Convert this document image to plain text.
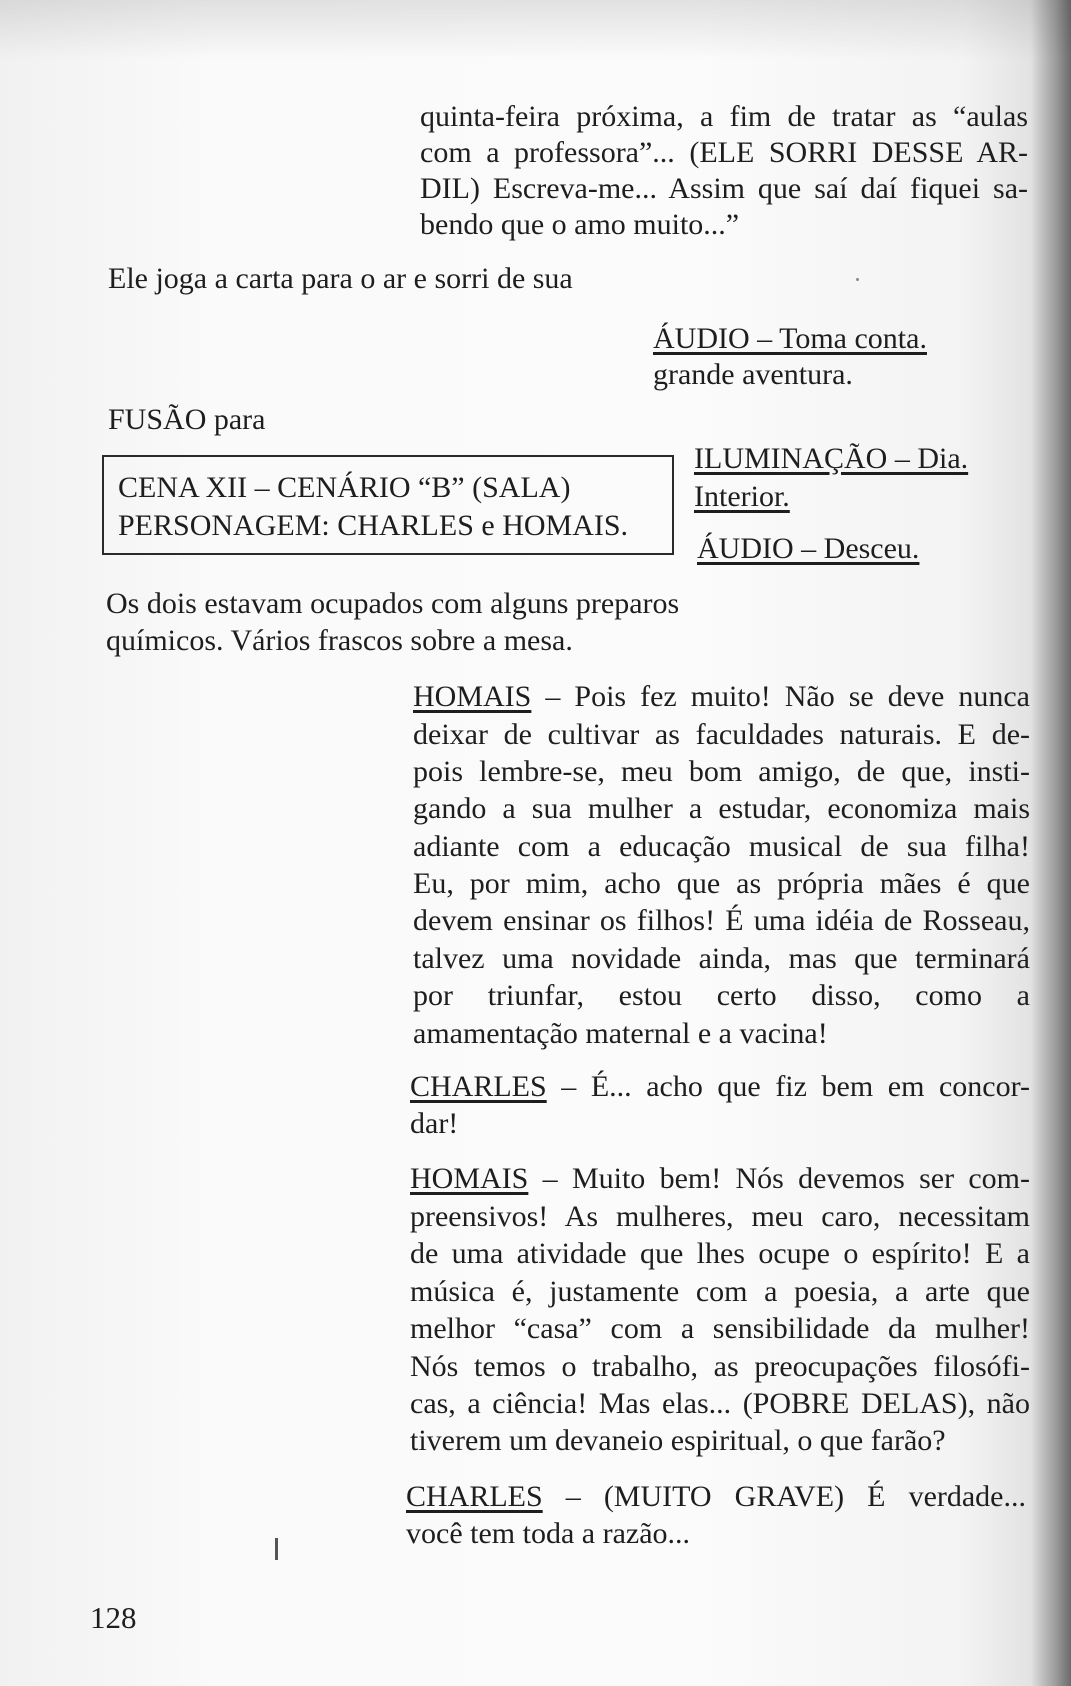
quinta-feira próxima, a fim de tratar as “aulas
com a professora”... (ELE SORRI DESSE AR-
DIL) Escreva-me... Assim que saí daí fiquei sa-
bendo que o amo muito...”
Ele joga a carta para o ar e sorri de sua
ÁUDIO – Toma conta.
grande aventura.
FUSÃO para
CENA XII – CENÁRIO “B” (SALA)
PERSONAGEM: CHARLES e HOMAIS.
ILUMINAÇÃO – Dia.
Interior.
ÁUDIO – Desceu.
Os dois estavam ocupados com alguns preparos
químicos. Vários frascos sobre a mesa.
HOMAIS – Pois fez muito! Não se deve nunca
deixar de cultivar as faculdades naturais. E de-
pois lembre-se, meu bom amigo, de que, insti-
gando a sua mulher a estudar, economiza mais
adiante com a educação musical de sua filha!
Eu, por mim, acho que as própria mães é que
devem ensinar os filhos! É uma idéia de Rosseau,
talvez uma novidade ainda, mas que terminará
por triunfar, estou certo disso, como a
amamentação maternal e a vacina!
CHARLES – É... acho que fiz bem em concor-
dar!
HOMAIS – Muito bem! Nós devemos ser com-
preensivos! As mulheres, meu caro, necessitam
de uma atividade que lhes ocupe o espírito! E a
música é, justamente com a poesia, a arte que
melhor “casa” com a sensibilidade da mulher!
Nós temos o trabalho, as preocupações filosófi-
cas, a ciência! Mas elas... (POBRE DELAS), não
tiverem um devaneio espiritual, o que farão?
CHARLES – (MUITO GRAVE) É verdade...
você tem toda a razão...
128
